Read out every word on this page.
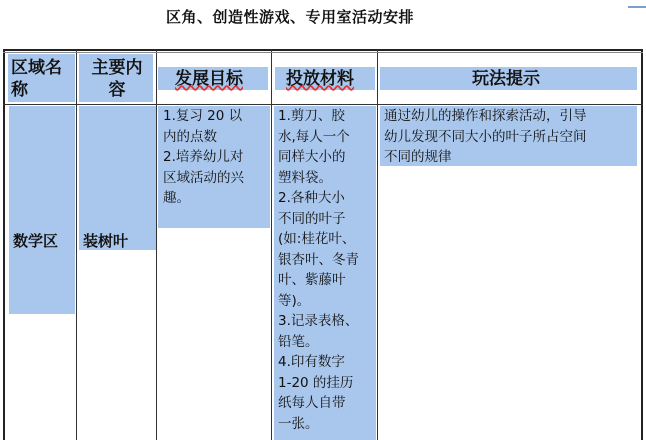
区角、创造性游戏、专用室活动安排
区域名
称
主要内
容
发展目标	投放材料	玩法提示
数学区 装树叶
1.复习 20 以
内的点数
2.培养幼儿对
区域活动的兴
趣。
1.剪刀、胶
水,每人一个
同样大小的
塑料袋。
2.各种大小
不同的叶子
(如:桂花叶、
银杏叶、冬青
叶、紫藤叶
等)。
3.记录表格、
铅笔。
4.印有数字
1-20 的挂历
纸每人自带
一张。
通过幼儿的操作和探索活动，引导
幼儿发现不同大小的叶子所占空间
不同的规律
